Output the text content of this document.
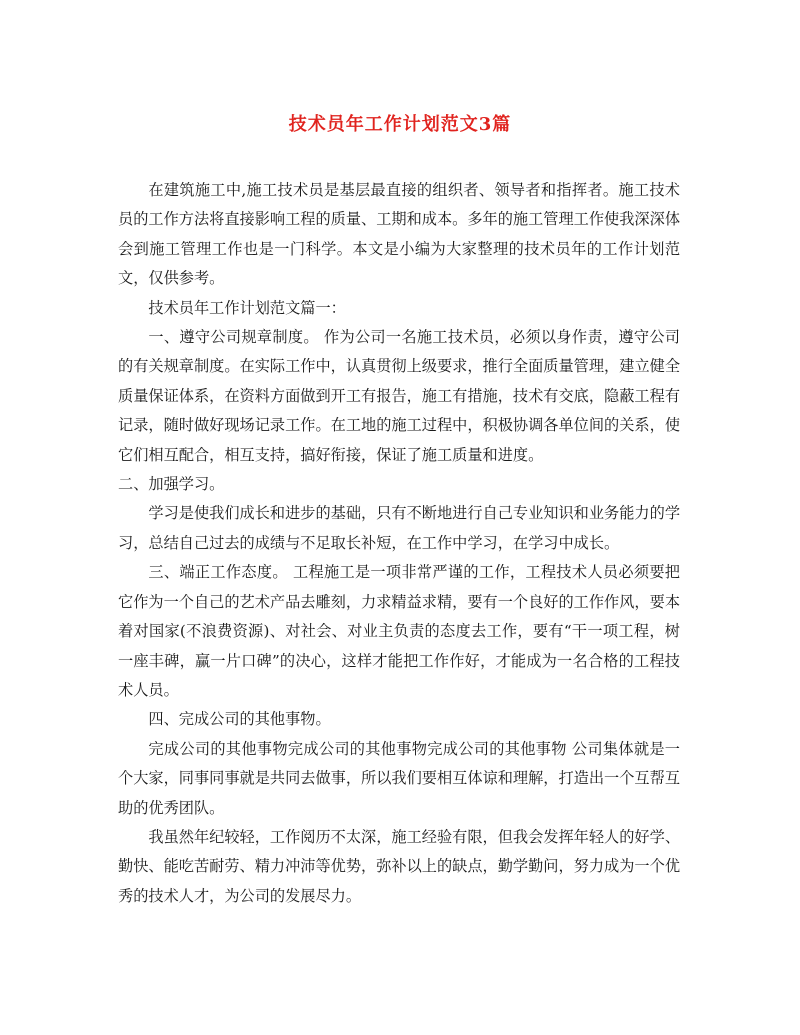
技术员年工作计划范文3篇

在建筑施工中,施工技术员是基层最直接的组织者、领导者和指挥者。施工技术员的工作方法将直接影响工程的质量、工期和成本。多年的施工管理工作使我深深体会到施工管理工作也是一门科学。本文是小编为大家整理的技术员年的工作计划范文，仅供参考。

技术员年工作计划范文篇一：

一、遵守公司规章制度。 作为公司一名施工技术员，必须以身作责，遵守公司的有关规章制度。在实际工作中，认真贯彻上级要求，推行全面质量管理，建立健全质量保证体系，在资料方面做到开工有报告，施工有措施，技术有交底，隐蔽工程有记录，随时做好现场记录工作。在工地的施工过程中，积极协调各单位间的关系，使它们相互配合，相互支持，搞好衔接，保证了施工质量和进度。

二、加强学习。

学习是使我们成长和进步的基础，只有不断地进行自己专业知识和业务能力的学习，总结自己过去的成绩与不足取长补短，在工作中学习，在学习中成长。

三、端正工作态度。 工程施工是一项非常严谨的工作，工程技术人员必须要把它作为一个自己的艺术产品去雕刻，力求精益求精，要有一个良好的工作作风，要本着对国家(不浪费资源)、对社会、对业主负责的态度去工作，要有“干一项工程，树一座丰碑，赢一片口碑”的决心，这样才能把工作作好，才能成为一名合格的工程技术人员。

四、完成公司的其他事物。

完成公司的其他事物完成公司的其他事物完成公司的其他事物 公司集体就是一个大家，同事同事就是共同去做事，所以我们要相互体谅和理解，打造出一个互帮互助的优秀团队。

我虽然年纪较轻，工作阅历不太深，施工经验有限，但我会发挥年轻人的好学、勤快、能吃苦耐劳、精力冲沛等优势，弥补以上的缺点，勤学勤问，努力成为一个优秀的技术人才，为公司的发展尽力。
